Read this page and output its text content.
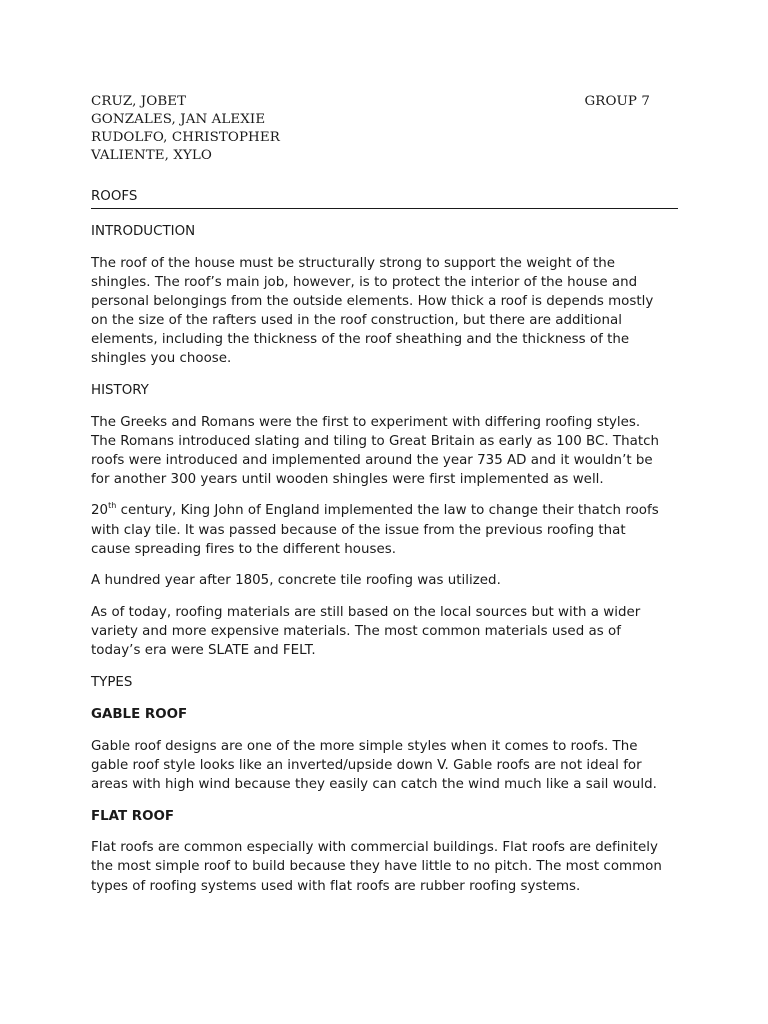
CRUZ, JOBET
GONZALES, JAN ALEXIE
RUDOLFO, CHRISTOPHER
VALIENTE, XYLO
GROUP 7
ROOFS
INTRODUCTION

The roof of the house must be structurally strong to support the weight of the
shingles. The roof’s main job, however, is to protect the interior of the house and
personal belongings from the outside elements. How thick a roof is depends mostly
on the size of the rafters used in the roof construction, but there are additional
elements, including the thickness of the roof sheathing and the thickness of the
shingles you choose.

HISTORY

The Greeks and Romans were the first to experiment with differing roofing styles.
The Romans introduced slating and tiling to Great Britain as early as 100 BC. Thatch
roofs were introduced and implemented around the year 735 AD and it wouldn’t be
for another 300 years until wooden shingles were first implemented as well.

20th century, King John of England implemented the law to change their thatch roofs
with clay tile. It was passed because of the issue from the previous roofing that
cause spreading fires to the different houses.

A hundred year after 1805, concrete tile roofing was utilized.

As of today, roofing materials are still based on the local sources but with a wider
variety and more expensive materials. The most common materials used as of
today’s era were SLATE and FELT.

TYPES
GABLE ROOF

Gable roof designs are one of the more simple styles when it comes to roofs. The
gable roof style looks like an inverted/upside down V. Gable roofs are not ideal for
areas with high wind because they easily can catch the wind much like a sail would.

FLAT ROOF

Flat roofs are common especially with commercial buildings. Flat roofs are definitely
the most simple roof to build because they have little to no pitch. The most common
types of roofing systems used with flat roofs are rubber roofing systems.
